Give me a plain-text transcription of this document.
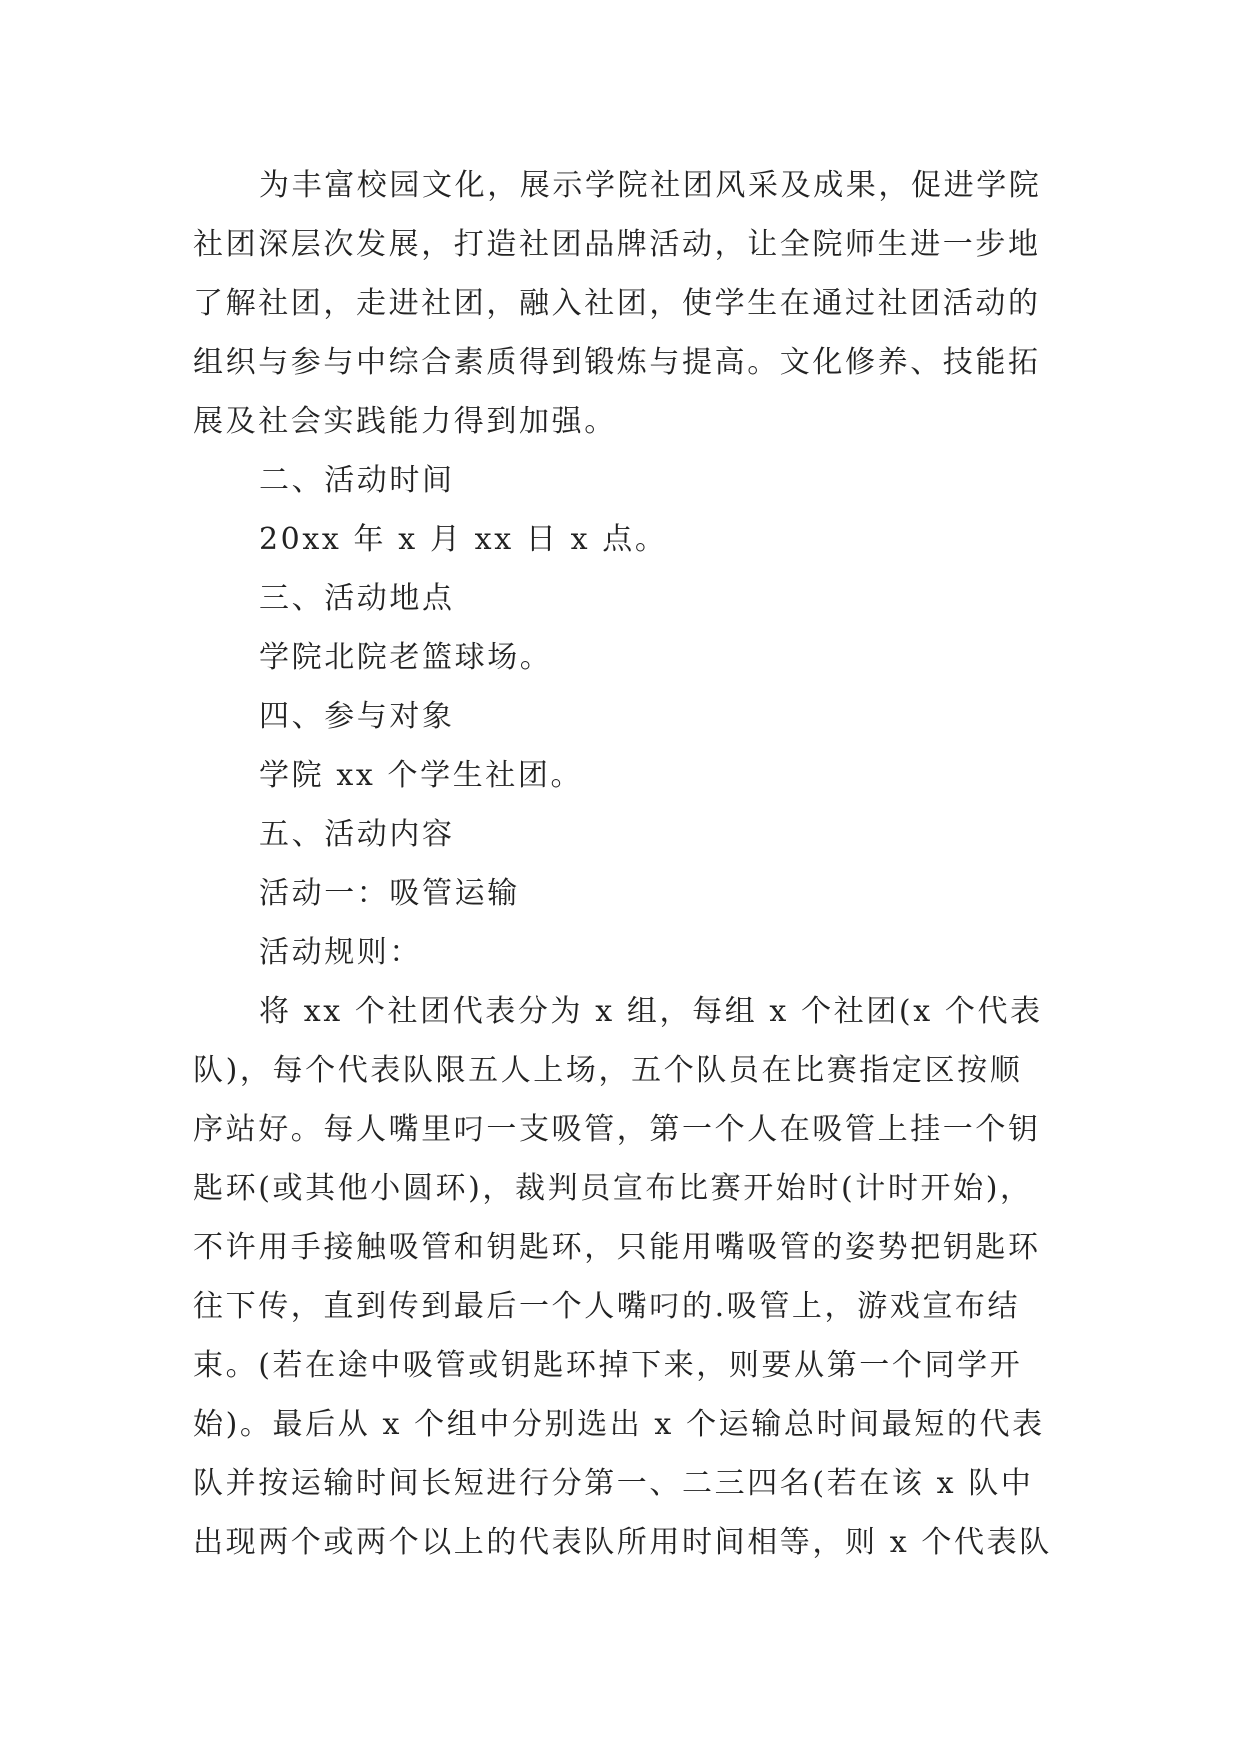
为丰富校园文化，展示学院社团风采及成果，促进学院
社团深层次发展，打造社团品牌活动，让全院师生进一步地
了解社团，走进社团，融入社团，使学生在通过社团活动的
组织与参与中综合素质得到锻炼与提高。文化修养、技能拓
展及社会实践能力得到加强。
二、活动时间
20xx 年 x 月 xx 日 x 点。
三、活动地点
学院北院老篮球场。
四、参与对象
学院 xx 个学生社团。
五、活动内容
活动一：吸管运输
活动规则：
将 xx 个社团代表分为 x 组，每组 x 个社团(x 个代表
队)，每个代表队限五人上场，五个队员在比赛指定区按顺
序站好。每人嘴里叼一支吸管，第一个人在吸管上挂一个钥
匙环(或其他小圆环)，裁判员宣布比赛开始时(计时开始)，
不许用手接触吸管和钥匙环，只能用嘴吸管的姿势把钥匙环
往下传，直到传到最后一个人嘴叼的.吸管上，游戏宣布结
束。(若在途中吸管或钥匙环掉下来，则要从第一个同学开
始)。最后从 x 个组中分别选出 x 个运输总时间最短的代表
队并按运输时间长短进行分第一、二三四名(若在该 x 队中
出现两个或两个以上的代表队所用时间相等，则 x 个代表队
